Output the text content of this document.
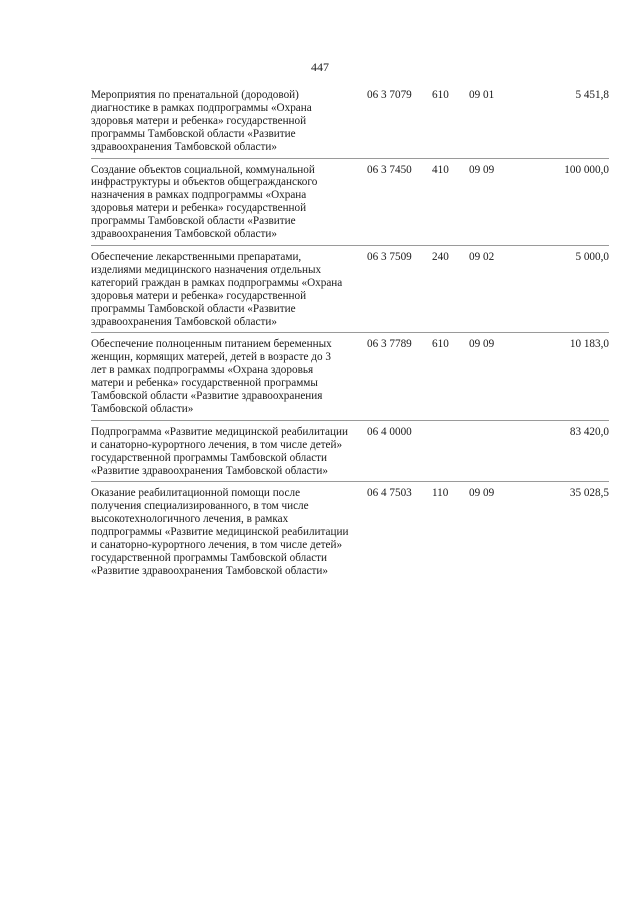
447
Мероприятия по пренатальной (дородовой) диагностике в рамках подпрограммы «Охрана здоровья матери и ребенка» государственной программы Тамбовской области «Развитие здравоохранения Тамбовской области»	06 3 7079	610	09 01	5 451,8

Создание объектов социальной, коммунальной инфраструктуры и объектов общегражданского назначения в рамках подпрограммы «Охрана здоровья матери и ребенка» государственной программы Тамбовской области «Развитие здравоохранения Тамбовской области»	06 3 7450	410	09 09	100 000,0

Обеспечение лекарственными препаратами, изделиями медицинского назначения отдельных категорий граждан в рамках подпрограммы «Охрана здоровья матери и ребенка» государственной программы Тамбовской области «Развитие здравоохранения Тамбовской области»	06 3 7509	240	09 02	5 000,0

Обеспечение полноценным питанием беременных женщин, кормящих матерей, детей в возрасте до 3 лет в рамках подпрограммы «Охрана здоровья матери и ребенка» государственной программы Тамбовской области «Развитие здравоохранения Тамбовской области»	06 3 7789	610	09 09	10 183,0

Подпрограмма «Развитие медицинской реабилитации и санаторно-курортного лечения, в том числе детей» государственной программы Тамбовской области «Развитие здравоохранения Тамбовской области»	06 4 0000			83 420,0

Оказание реабилитационной помощи после получения специализированного, в том числе высокотехнологичного лечения, в рамках подпрограммы «Развитие медицинской реабилитации и санаторно-курортного лечения, в том числе детей» государственной программы Тамбовской области «Развитие здравоохранения Тамбовской области»	06 4 7503	110	09 09	35 028,5
